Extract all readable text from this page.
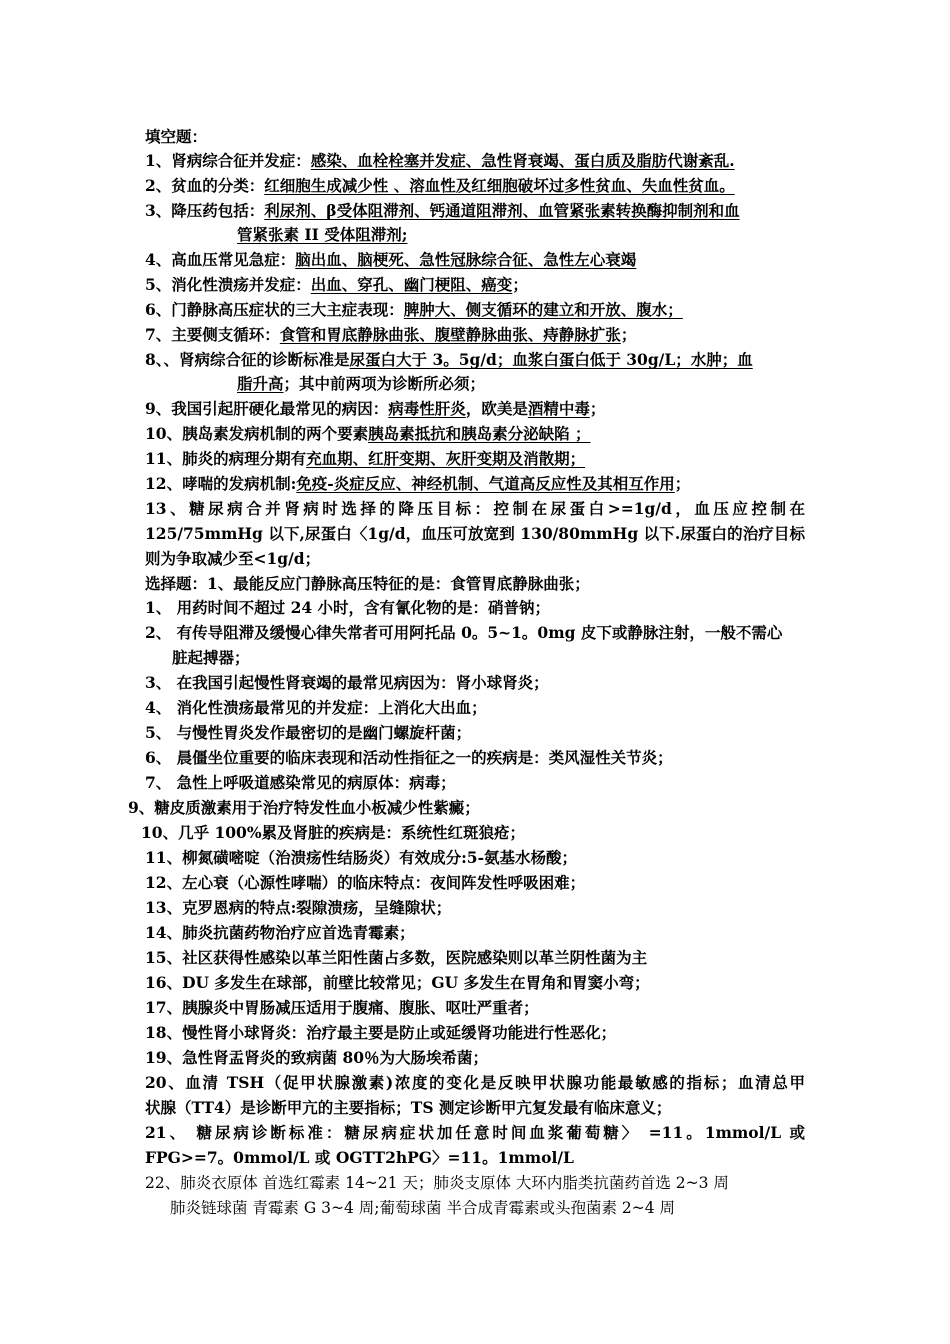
填空题：
1、肾病综合征并发症：感染、血栓栓塞并发症、急性肾衰竭、蛋白质及脂肪代谢紊乱.
2、贫血的分类：红细胞生成减少性 、溶血性及红细胞破坏过多性贫血、失血性贫血。
3、降压药包括：利尿剂、β受体阻滞剂、钙通道阻滞剂、血管紧张素转换酶抑制剂和血
管紧张素 II 受体阻滞剂;
4、高血压常见急症：脑出血、脑梗死、急性冠脉综合征、急性左心衰竭
5、消化性溃疡并发症：出血、穿孔、幽门梗阻、癌变；
6、门静脉高压症状的三大主症表现：脾肿大、侧支循环的建立和开放、腹水；
7、主要侧支循环：食管和胃底静脉曲张、腹壁静脉曲张、痔静脉扩张；
8、、肾病综合征的诊断标准是尿蛋白大于 3。5g/d；血浆白蛋白低于 30g/L；水肿；血
脂升高；其中前两项为诊断所必须；
9、我国引起肝硬化最常见的病因：病毒性肝炎，欧美是酒精中毒；
10、胰岛素发病机制的两个要素胰岛素抵抗和胰岛素分泌缺陷 ；
11、肺炎的病理分期有充血期、红肝变期、灰肝变期及消散期；
12、哮喘的发病机制:免疫-炎症反应、神经机制、气道高反应性及其相互作用；
13、糖尿病合并肾病时选择的降压目标：控制在尿蛋白>=1g/d，血压应控制在
125/75mmHg 以下,尿蛋白〈1g/d，血压可放宽到 130/80mmHg 以下.尿蛋白的治疗目标
则为争取减少至<1g/d；
选择题：1、最能反应门静脉高压特征的是：食管胃底静脉曲张；
1、 用药时间不超过 24 小时，含有氰化物的是：硝普钠；
2、 有传导阻滞及缓慢心律失常者可用阿托品 0。5~1。0mg 皮下或静脉注射，一般不需心
脏起搏器；
3、 在我国引起慢性肾衰竭的最常见病因为：肾小球肾炎；
4、 消化性溃疡最常见的并发症：上消化大出血；
5、 与慢性胃炎发作最密切的是幽门螺旋杆菌；
6、 晨僵坐位重要的临床表现和活动性指征之一的疾病是：类风湿性关节炎；
7、 急性上呼吸道感染常见的病原体：病毒；
9、糖皮质激素用于治疗特发性血小板减少性紫癜；
10、几乎 100%累及肾脏的疾病是：系统性红斑狼疮；
11、柳氮磺嘧啶（治溃疡性结肠炎）有效成分:5-氨基水杨酸；
12、左心衰（心源性哮喘）的临床特点：夜间阵发性呼吸困难；
13、克罗恩病的特点:裂隙溃疡，呈缝隙状；
14、肺炎抗菌药物治疗应首选青霉素；
15、社区获得性感染以革兰阳性菌占多数，医院感染则以革兰阴性菌为主
16、DU 多发生在球部，前壁比较常见；GU 多发生在胃角和胃窦小弯；
17、胰腺炎中胃肠减压适用于腹痛、腹胀、呕吐严重者；
18、慢性肾小球肾炎：治疗最主要是防止或延缓肾功能进行性恶化；
19、急性肾盂肾炎的致病菌 80％为大肠埃希菌；
20、血清 TSH（促甲状腺激素)浓度的变化是反映甲状腺功能最敏感的指标；血清总甲
状腺（TT4）是诊断甲亢的主要指标；TS 测定诊断甲亢复发最有临床意义；
21、 糖尿病诊断标准：糖尿病症状加任意时间血浆葡萄糖〉 =11。1mmol/L 或
FPG>=7。0mmol/L 或 OGTT2hPG〉=11。1mmol/L
22、肺炎衣原体 首选红霉素 14~21 天；肺炎支原体 大环内脂类抗菌药首选 2~3 周
肺炎链球菌 青霉素 G 3~4 周;葡萄球菌 半合成青霉素或头孢菌素 2~4 周
